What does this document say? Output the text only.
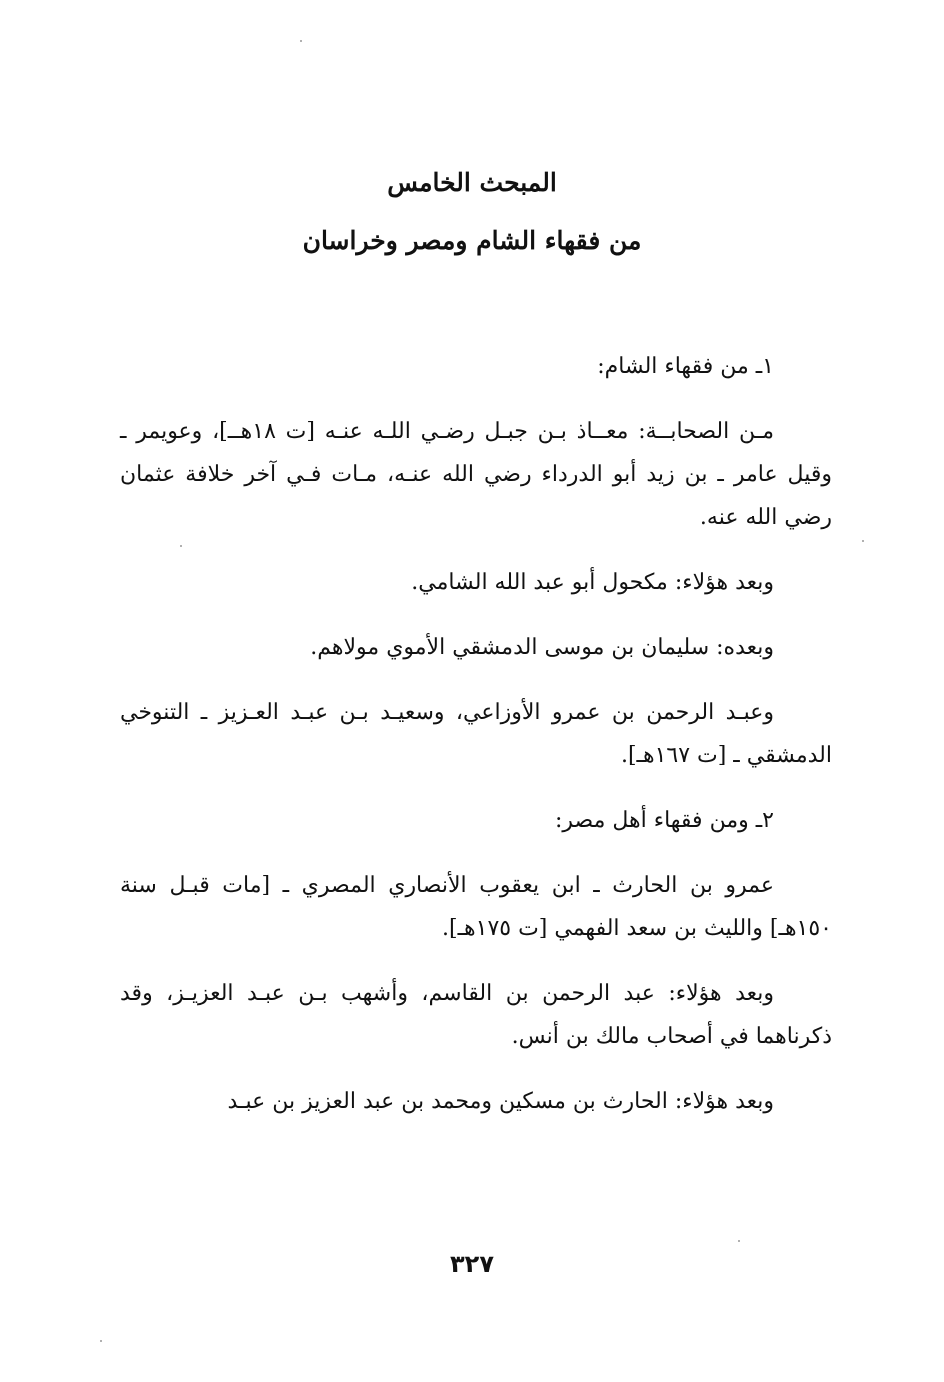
المبحث الخامس
من فقهاء الشام ومصر وخراسان

١ـ من فقهاء الشام:

مـن الصحابــة: معــاذ بـن جبـل رضـي اللـه عنـه [ت ١٨هــ]، وعويمر ـ وقيل عامر ـ بن زيد أبو الدرداء رضي الله عنـه، مـات فـي آخر خلافة عثمان رضي الله عنه.

وبعد هؤلاء: مكحول أبو عبد الله الشامي.

وبعده: سليمان بن موسى الدمشقي الأموي مولاهم.

وعبـد الرحمن بن عمرو الأوزاعي، وسعيـد بـن عبـد العـزيز ـ التنوخي الدمشقي ـ [ت ١٦٧هـ].

٢ـ ومن فقهاء أهل مصر:

عمرو بن الحارث ـ ابن يعقوب الأنصاري المصري ـ [مات قبـل سنة ١٥٠هـ] والليث بن سعد الفهمي [ت ١٧٥هـ].

وبعد هؤلاء: عبد الرحمن بن القاسم، وأشهب بـن عبـد العزيـز، وقد ذكرناهما في أصحاب مالك بن أنس.

وبعد هؤلاء: الحارث بن مسكين ومحمد بن عبد العزيز بن عبـد

٣٢٧
